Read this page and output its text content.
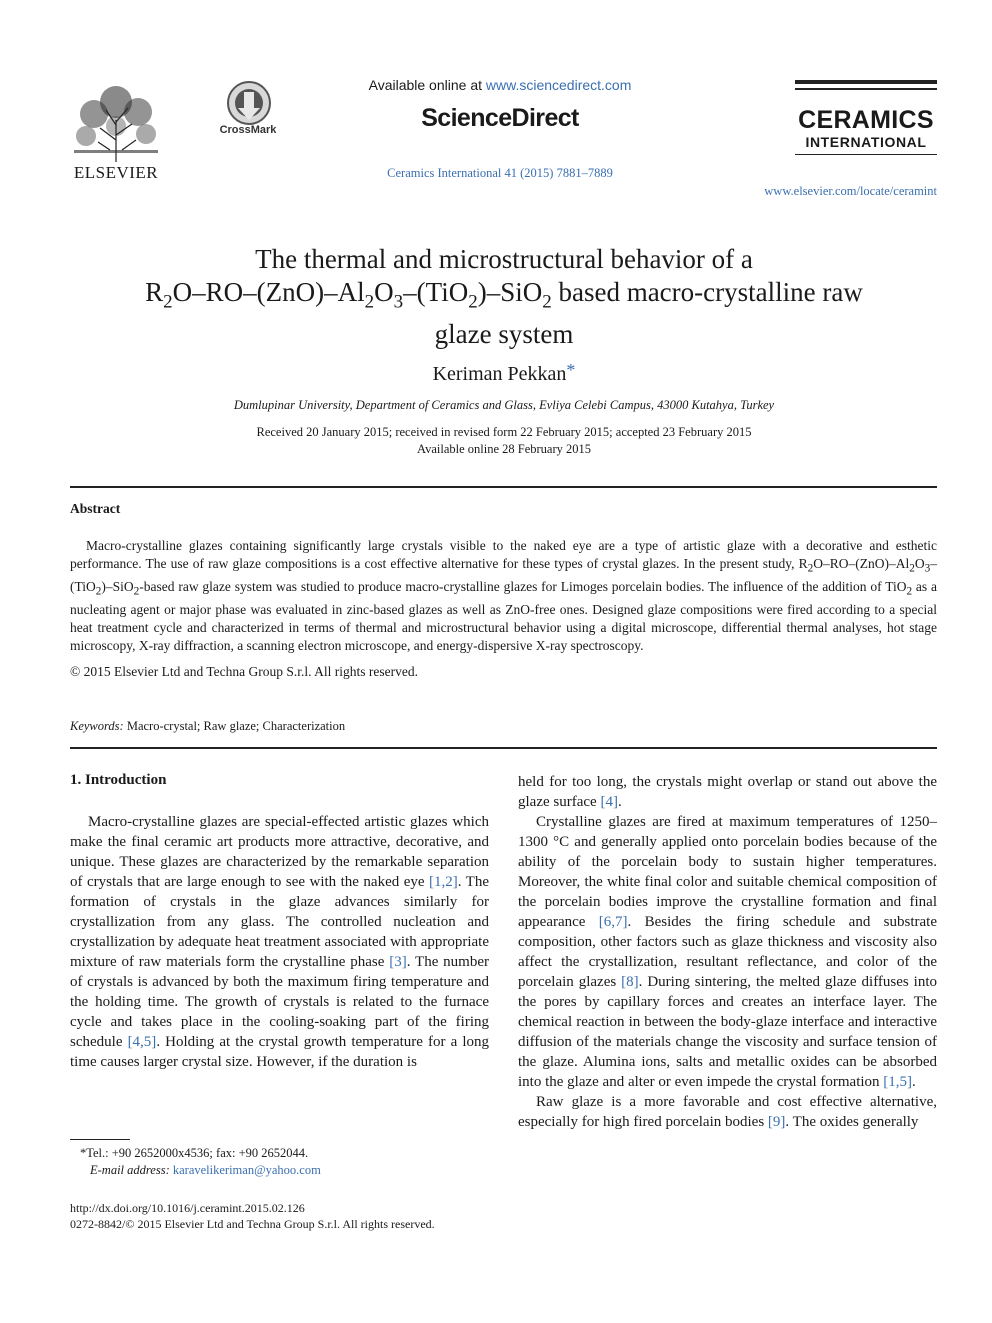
ELSEVIER
CrossMark
Available online at www.sciencedirect.com
ScienceDirect
Ceramics International 41 (2015) 7881–7889
CERAMICS
INTERNATIONAL
www.elsevier.com/locate/ceramint
The thermal and microstructural behavior of a
$R_2O-RO-(ZnO)-Al_2O_3-(TiO_2)-SiO_2$ based macro-crystalline raw
glaze system
Keriman Pekkan*
Dumlupinar University, Department of Ceramics and Glass, Evliya Celebi Campus, 43000 Kutahya, Turkey
Received 20 January 2015; received in revised form 22 February 2015; accepted 23 February 2015
Available online 28 February 2015
Abstract

Macro-crystalline glazes containing significantly large crystals visible to the naked eye are a type of artistic glaze with a decorative and esthetic performance. The use of raw glaze compositions is a cost effective alternative for these types of crystal glazes. In the present study, $R_2O-RO-(ZnO)-Al_2O_3-(TiO_2)-SiO_2$-based raw glaze system was studied to produce macro-crystalline glazes for Limoges porcelain bodies. The influence of the addition of TiO$_2$ as a nucleating agent or major phase was evaluated in zinc-based glazes as well as ZnO-free ones. Designed glaze compositions were fired according to a special heat treatment cycle and characterized in terms of thermal and microstructural behavior using a digital microscope, differential thermal analyses, hot stage microscopy, X-ray diffraction, a scanning electron microscope, and energy-dispersive X-ray spectroscopy.

© 2015 Elsevier Ltd and Techna Group S.r.l. All rights reserved.
Keywords: Macro-crystal; Raw glaze; Characterization
1. Introduction

Macro-crystalline glazes are special-effected artistic glazes which make the final ceramic art products more attractive, decorative, and unique. These glazes are characterized by the remarkable separation of crystals that are large enough to see with the naked eye [1,2]. The formation of crystals in the glaze advances similarly for crystallization from any glass. The controlled nucleation and crystallization by adequate heat treatment associated with appropriate mixture of raw materials form the crystalline phase [3]. The number of crystals is advanced by both the maximum firing temperature and the holding time. The growth of crystals is related to the furnace cycle and takes place in the cooling-soaking part of the firing schedule [4,5]. Holding at the crystal growth temperature for a long time causes larger crystal size. However, if the duration is

held for too long, the crystals might overlap or stand out above the glaze surface [4].

Crystalline glazes are fired at maximum temperatures of 1250–1300 °C and generally applied onto porcelain bodies because of the ability of the porcelain body to sustain higher temperatures. Moreover, the white final color and suitable chemical composition of the porcelain bodies improve the crystalline formation and final appearance [6,7]. Besides the firing schedule and substrate composition, other factors such as glaze thickness and viscosity also affect the crystallization, resultant reflectance, and color of the porcelain glazes [8]. During sintering, the melted glaze diffuses into the pores by capillary forces and creates an interface layer. The chemical reaction in between the body-glaze interface and interactive diffusion of the materials change the viscosity and surface tension of the glaze. Alumina ions, salts and metallic oxides can be absorbed into the glaze and alter or even impede the crystal formation [1,5].

Raw glaze is a more favorable and cost effective alternative, especially for high fired porcelain bodies [9]. The oxides generally

*Tel.: +90 2652000x4536; fax: +90 2652044.
E-mail address: karavelikeriman@yahoo.com
http://dx.doi.org/10.1016/j.ceramint.2015.02.126
0272-8842/© 2015 Elsevier Ltd and Techna Group S.r.l. All rights reserved.
